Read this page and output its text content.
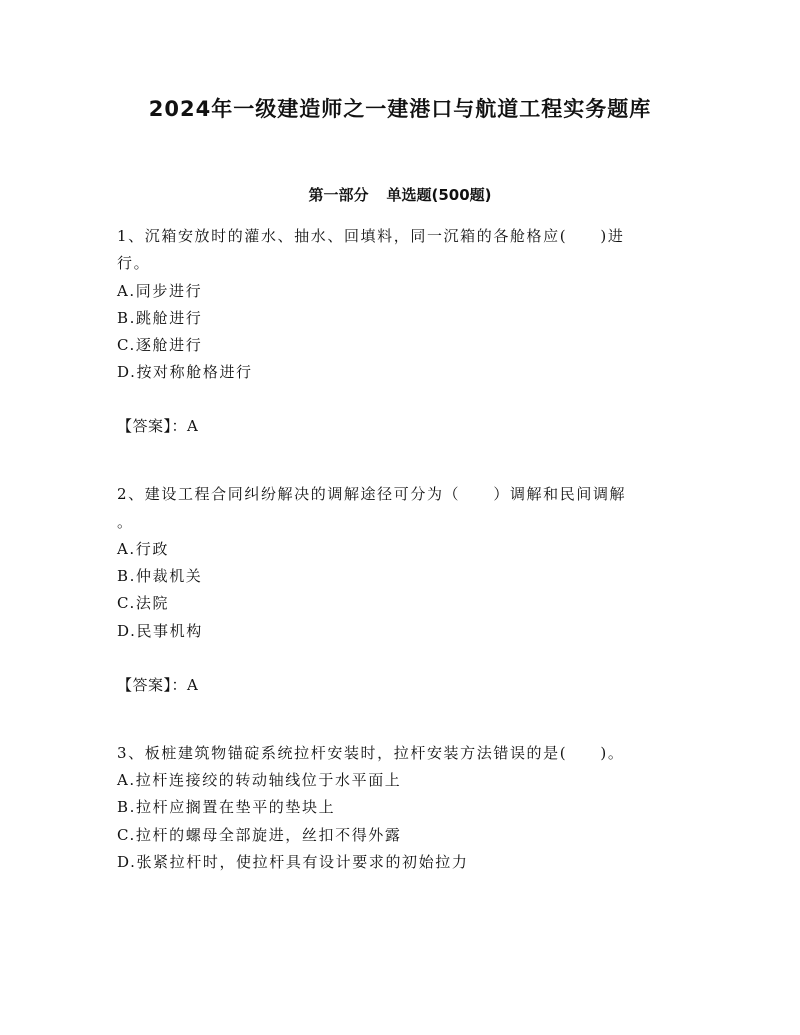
2024年一级建造师之一建港口与航道工程实务题库
第一部分 单选题(500题)
1、沉箱安放时的灌水、抽水、回填料，同一沉箱的各舱格应(　　)进
行。
A.同步进行
B.跳舱进行
C.逐舱进行
D.按对称舱格进行
【答案】：A
2、建设工程合同纠纷解决的调解途径可分为（　　）调解和民间调解
。
A.行政
B.仲裁机关
C.法院
D.民事机构
【答案】：A
3、板桩建筑物锚碇系统拉杆安装时，拉杆安装方法错误的是(　　)。
A.拉杆连接绞的转动轴线位于水平面上
B.拉杆应搁置在垫平的垫块上
C.拉杆的螺母全部旋进，丝扣不得外露
D.张紧拉杆时，使拉杆具有设计要求的初始拉力
